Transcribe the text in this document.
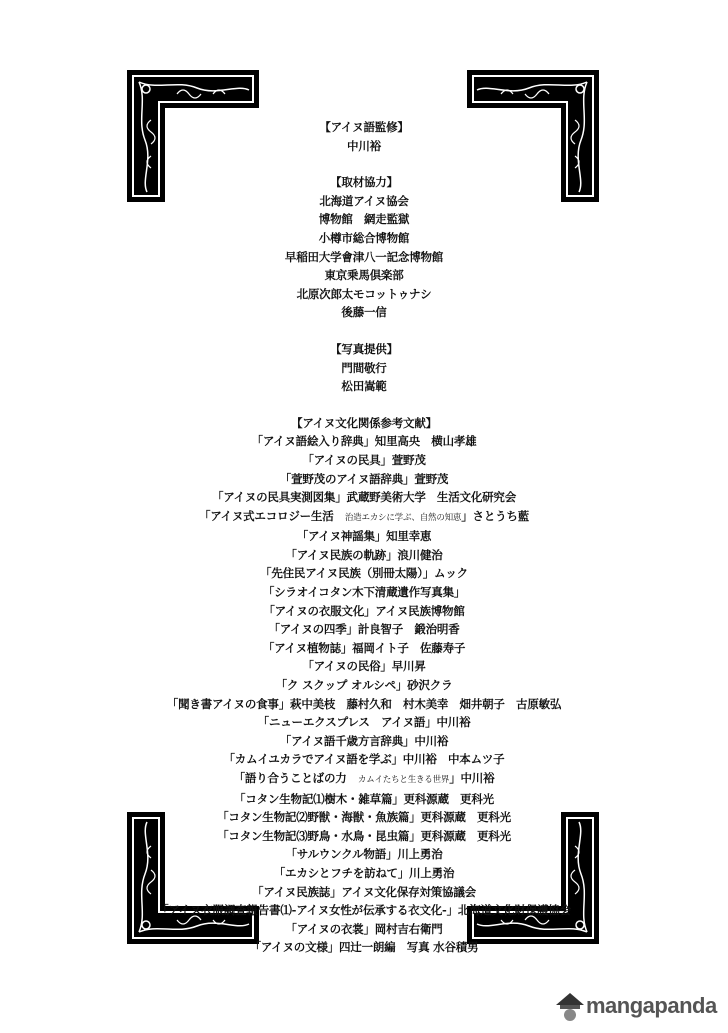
【アイヌ語監修】
中川裕
【取材協力】
北海道アイヌ協会
博物館　網走監獄
小樽市総合博物館
早稲田大学會津八一記念博物館
東京乗馬倶楽部
北原次郎太モコットゥナシ
後藤一信
【写真提供】
門間敬行
松田嵩範
【アイヌ文化関係参考文献】
「アイヌ語絵入り辞典」知里高央　横山孝雄
「アイヌの民具」萱野茂
「萱野茂のアイヌ語辞典」萱野茂
「アイヌの民具実測図集」武蔵野美術大学　生活文化研究会
「アイヌ式エコロジー生活　治造エカシに学ぶ、自然の知恵」さとうち藍
「アイヌ神謡集」知里幸恵
「アイヌ民族の軌跡」浪川健治
「先住民アイヌ民族（別冊太陽）」ムック
「シラオイコタン木下清蔵遺作写真集」
「アイヌの衣服文化」アイヌ民族博物館
「アイヌの四季」計良智子　鍛治明香
「アイヌ植物誌」福岡イト子　佐藤寿子
「アイヌの民俗」早川昇
「ク スクップ オルシペ」砂沢クラ
「聞き書アイヌの食事」萩中美枝　藤村久和　村木美幸　畑井朝子　古原敏弘
「ニューエクスプレス　アイヌ語」中川裕
「アイヌ語千歳方言辞典」中川裕
「カムイユカラでアイヌ語を学ぶ」中川裕　中本ムツ子
「語り合うことばの力　カムイたちと生きる世界」中川裕
「コタン生物記⑴樹木・雑草篇」更科源蔵　更科光
「コタン生物記⑵野獣・海獣・魚族篇」更科源蔵　更科光
「コタン生物記⑶野鳥・水鳥・昆虫篇」更科源蔵　更科光
「サルウンクル物語」川上勇治
「エカシとフチを訪ねて」川上勇治
「アイヌ民族誌」アイヌ文化保存対策協議会
「アイヌ衣服調査報告書⑴-アイヌ女性が伝承する衣文化-」北海道文化財保護協会
「アイヌの衣裳」岡村吉右衛門
「アイヌの文様」四辻一朗編　写真 水谷積男
mangapanda
